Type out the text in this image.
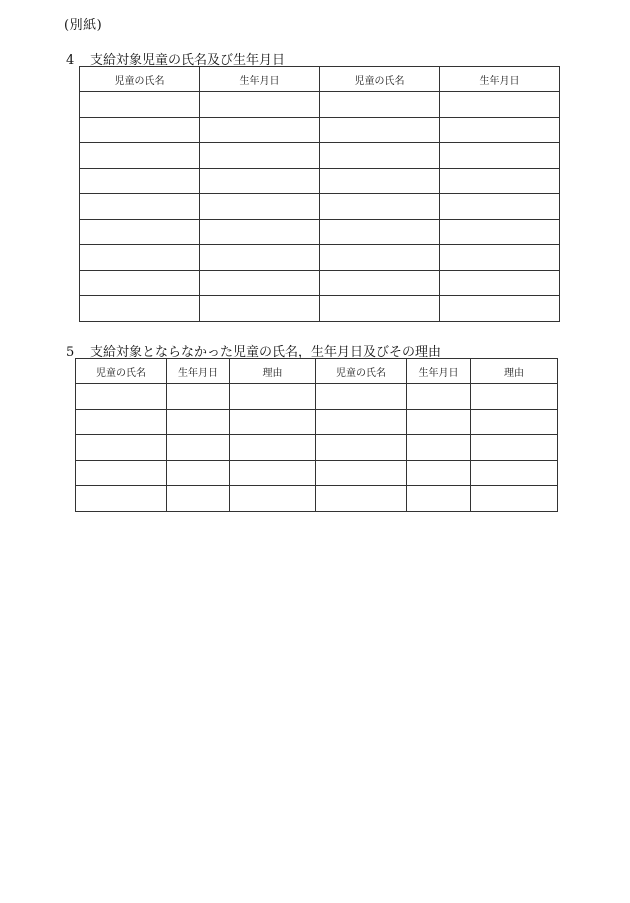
(別紙)
4 支給対象児童の氏名及び生年月日
児童の氏名	生年月日	児童の氏名	生年月日

5 支給対象とならなかった児童の氏名，生年月日及びその理由
児童の氏名	生年月日	理由	児童の氏名	生年月日	理由
